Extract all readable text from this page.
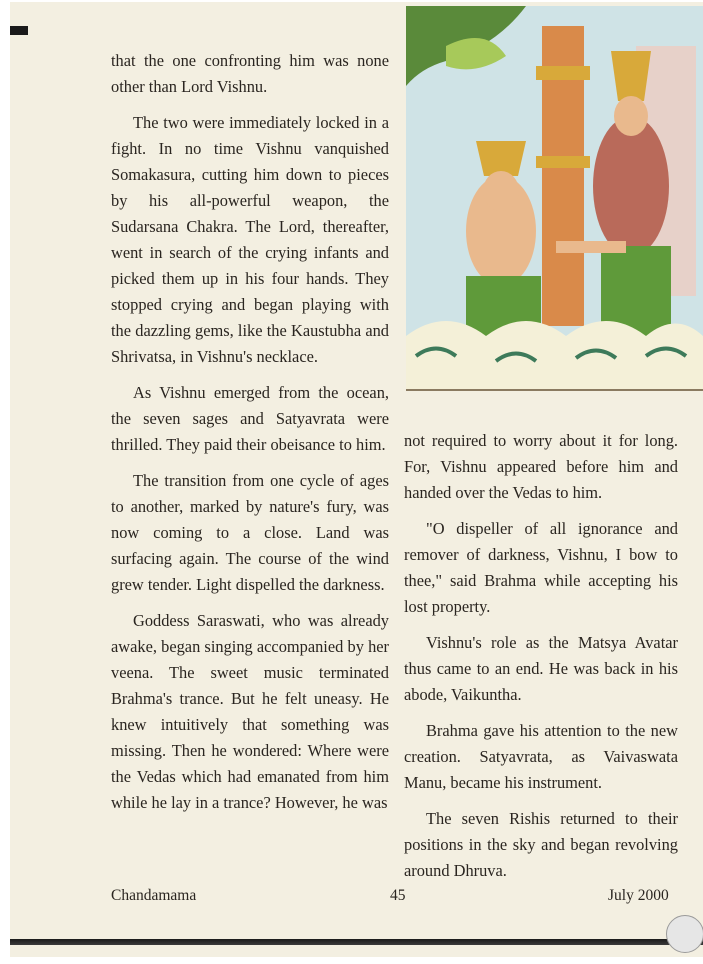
that the one confronting him was none other than Lord Vishnu.

The two were immediately locked in a fight. In no time Vishnu vanquished Somakasura, cutting him down to pieces by his all-powerful weapon, the Sudarsana Chakra. The Lord, thereafter, went in search of the crying infants and picked them up in his four hands. They stopped crying and began playing with the dazzling gems, like the Kaustubha and Shrivatsa, in Vishnu's necklace.

As Vishnu emerged from the ocean, the seven sages and Satyavrata were thrilled. They paid their obeisance to him.

The transition from one cycle of ages to another, marked by nature's fury, was now coming to a close. Land was surfacing again. The course of the wind grew tender. Light dispelled the darkness.

Goddess Saraswati, who was already awake, began singing accompanied by her veena. The sweet music terminated Brahma's trance. But he felt uneasy. He knew intuitively that something was missing. Then he wondered: Where were the Vedas which had emanated from him while he lay in a trance? However, he was

not required to worry about it for long. For, Vishnu appeared before him and handed over the Vedas to him.

"O dispeller of all ignorance and remover of darkness, Vishnu, I bow to thee," said Brahma while accepting his lost property.

Vishnu's role as the Matsya Avatar thus came to an end. He was back in his abode, Vaikuntha.

Brahma gave his attention to the new creation. Satyavrata, as Vaivaswata Manu, became his instrument.

The seven Rishis returned to their positions in the sky and began revolving around Dhruva.

Chandamama	45	July 2000
